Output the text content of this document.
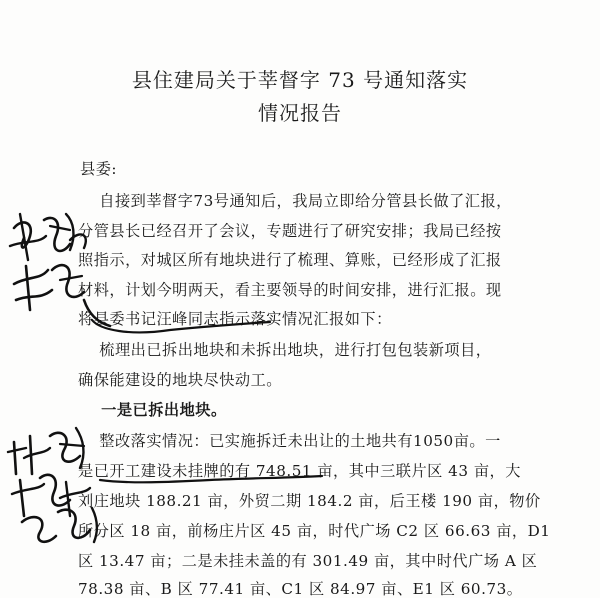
县住建局关于莘督字 73 号通知落实
情况报告
县委:
自接到莘督字73号通知后，我局立即给分管县长做了汇报，
分管县长已经召开了会议，专题进行了研究安排；我局已经按
照指示，对城区所有地块进行了梳理、算账，已经形成了汇报
材料，计划今明两天，看主要领导的时间安排，进行汇报。现
将县委书记汪峰同志指示落实情况汇报如下：
梳理出已拆出地块和未拆出地块，进行打包包装新项目，
确保能建设的地块尽快动工。
一是已拆出地块。
整改落实情况：已实施拆迁未出让的土地共有1050亩。一
是已开工建设未挂牌的有 748.51 亩，其中三联片区 43 亩，大
刘庄地块 188.21 亩，外贸二期 184.2 亩，后王楼 190 亩，物价
所分区 18 亩，前杨庄片区 45 亩，时代广场 C2 区 66.63 亩，D1
区 13.47 亩；二是未挂未盖的有 301.49 亩，其中时代广场 A 区
78.38 亩、B 区 77.41 亩、C1 区 84.97 亩、E1 区 60.73。
